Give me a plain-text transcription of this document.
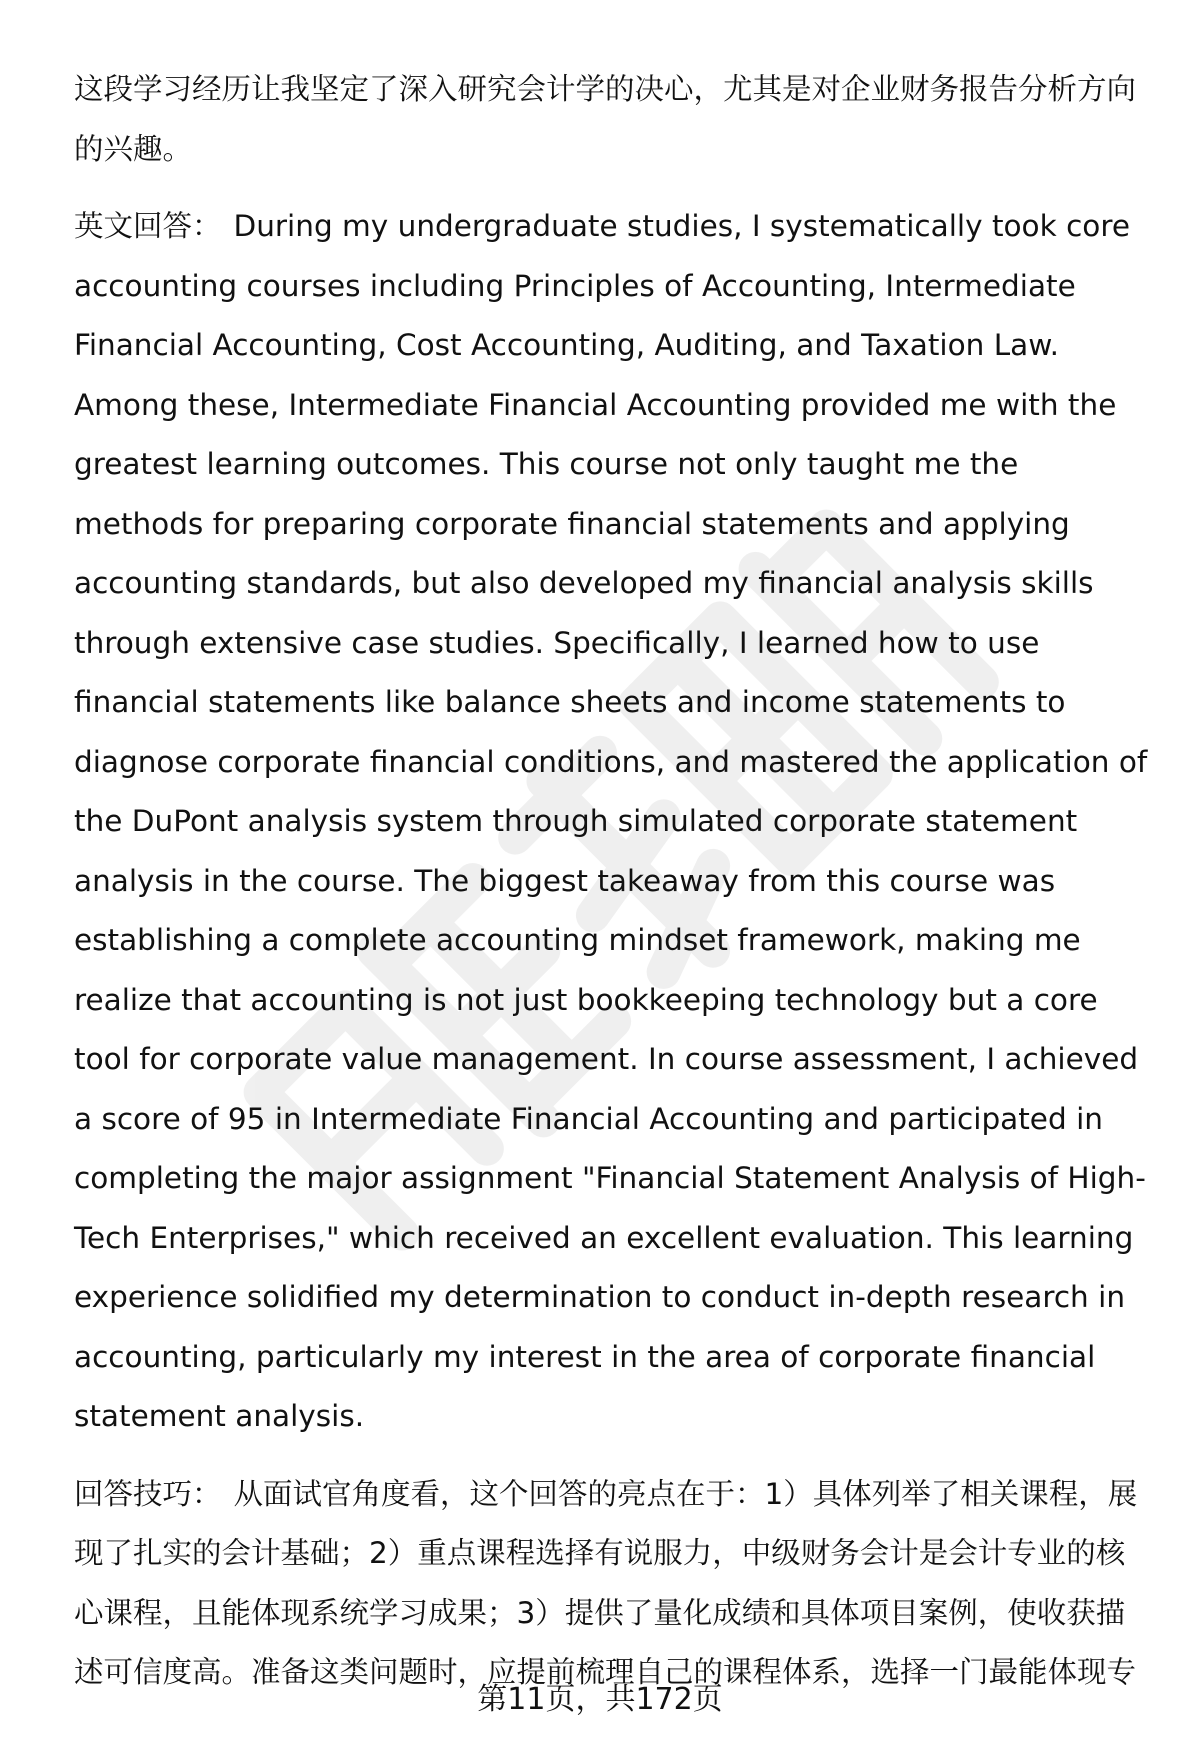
这段学习经历让我坚定了深入研究会计学的决心，尤其是对企业财务报告分析方向的兴趣。

英文回答： During my undergraduate studies, I systematically took core accounting courses including Principles of Accounting, Intermediate Financial Accounting, Cost Accounting, Auditing, and Taxation Law. Among these, Intermediate Financial Accounting provided me with the greatest learning outcomes. This course not only taught me the methods for preparing corporate financial statements and applying accounting standards, but also developed my financial analysis skills through extensive case studies. Specifically, I learned how to use financial statements like balance sheets and income statements to diagnose corporate financial conditions, and mastered the application of the DuPont analysis system through simulated corporate statement analysis in the course. The biggest takeaway from this course was establishing a complete accounting mindset framework, making me realize that accounting is not just bookkeeping technology but a core tool for corporate value management. In course assessment, I achieved a score of 95 in Intermediate Financial Accounting and participated in completing the major assignment "Financial Statement Analysis of High-Tech Enterprises," which received an excellent evaluation. This learning experience solidified my determination to conduct in-depth research in accounting, particularly my interest in the area of corporate financial statement analysis.

回答技巧： 从面试官角度看，这个回答的亮点在于：1）具体列举了相关课程，展现了扎实的会计基础；2）重点课程选择有说服力，中级财务会计是会计专业的核心课程，且能体现系统学习成果；3）提供了量化成绩和具体项目案例，使收获描述可信度高。准备这类问题时，应提前梳理自己的课程体系，选择一门最能体现专

第11页，共172页
